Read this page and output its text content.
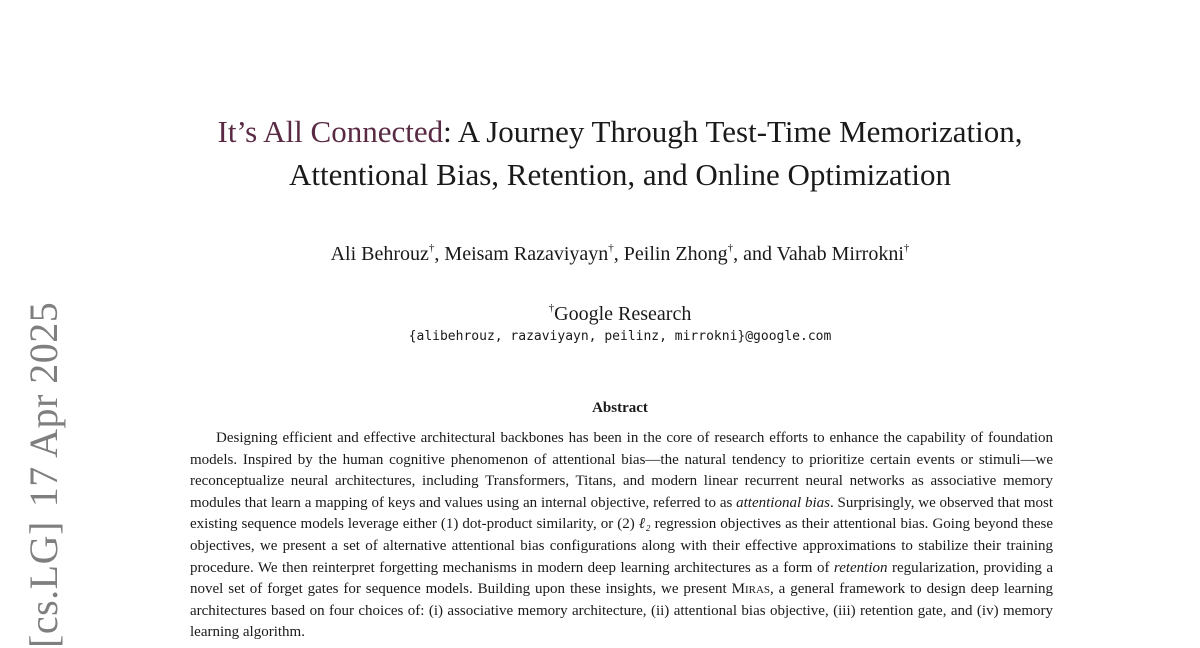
[cs.LG]17 Apr 2025
It’s All Connected: A Journey Through Test-Time Memorization,
Attentional Bias, Retention, and Online Optimization
Ali Behrouz†, Meisam Razaviyayn†, Peilin Zhong†, and Vahab Mirrokni†
†Google Research
{alibehrouz, razaviyayn, peilinz, mirrokni}@google.com
Abstract
Designing efficient and effective architectural backbones has been in the core of research efforts to enhance the capability of foundation models. Inspired by the human cognitive phenomenon of attentional bias—the natural tendency to prioritize certain events or stimuli—we reconceptualize neural architectures, including Transformers, Titans, and modern linear recurrent neural networks as associative memory modules that learn a mapping of keys and values using an internal objective, referred to as attentional bias. Surprisingly, we observed that most existing sequence models leverage either (1) dot-product similarity, or (2) ℓ₂ regression objectives as their attentional bias. Going beyond these objectives, we present a set of alternative attentional bias configurations along with their effective approximations to stabilize their training procedure. We then reinterpret forgetting mechanisms in modern deep learning architectures as a form of retention regularization, providing a novel set of forget gates for sequence models. Building upon these insights, we present Miras, a general framework to design deep learning architectures based on four choices of: (i) associative memory architecture, (ii) attentional bias objective, (iii) retention gate, and (iv) memory learning algorithm.
